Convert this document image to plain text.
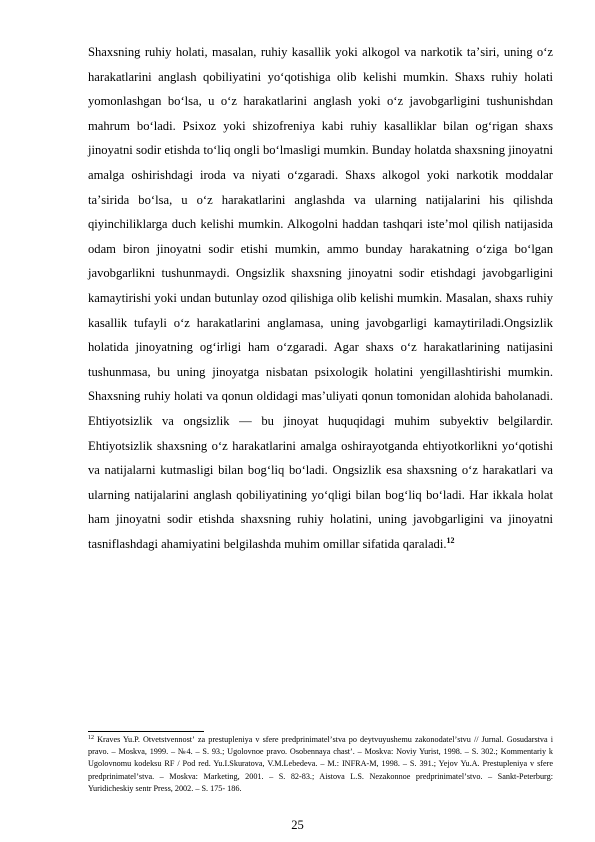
Shaxsning ruhiy holati, masalan, ruhiy kasallik yoki alkogol va narkotik taʼsiri, uning oʻz harakatlarini anglash qobiliyatini yoʻqotishiga olib kelishi mumkin. Shaxs ruhiy holati yomonlashgan boʻlsa, u oʻz harakatlarini anglash yoki oʻz javobgarligini tushunishdan mahrum boʻladi. Psixoz yoki shizofreniya kabi ruhiy kasalliklar bilan ogʻrigan shaxs jinoyatni sodir etishda toʻliq ongli boʻlmasligi mumkin. Bunday holatda shaxsning jinoyatni amalga oshirishdagi iroda va niyati oʻzgaradi. Shaxs alkogol yoki narkotik moddalar taʼsirida boʻlsa, u oʻz harakatlarini anglashda va ularning natijalarini his qilishda qiyinchiliklarga duch kelishi mumkin. Alkogolni haddan tashqari isteʼmol qilish natijasida odam biron jinoyatni sodir etishi mumkin, ammo bunday harakatning oʻziga boʻlgan javobgarlikni tushunmaydi. Ongsizlik shaxsning jinoyatni sodir etishdagi javobgarligini kamaytirishi yoki undan butunlay ozod qilishiga olib kelishi mumkin. Masalan, shaxs ruhiy kasallik tufayli oʻz harakatlarini anglamasa, uning javobgarligi kamaytiriladi.Ongsizlik holatida jinoyatning ogʻirligi ham oʻzgaradi. Agar shaxs oʻz harakatlarining natijasini tushunmasa, bu uning jinoyatga nisbatan psixologik holatini yengillashtirishi mumkin. Shaxsning ruhiy holati va qonun oldidagi masʼuliyati qonun tomonidan alohida baholanadi. Ehtiyotsizlik va ongsizlik — bu jinoyat huquqidagi muhim subyektiv belgilardir. Ehtiyotsizlik shaxsning oʻz harakatlarini amalga oshirayotganda ehtiyotkorlikni yoʻqotishi va natijalarni kutmasligi bilan bogʻliq boʻladi. Ongsizlik esa shaxsning oʻz harakatlari va ularning natijalarini anglash qobiliyatining yoʻqligi bilan bogʻliq boʻladi. Har ikkala holat ham jinoyatni sodir etishda shaxsning ruhiy holatini, uning javobgarligini va jinoyatni tasniflashdagi ahamiyatini belgilashda muhim omillar sifatida qaraladi.$^{12}$

$^{12}$ Kraves Yu.P. Otvetstvennostʼ za prestupleniya v sfere predprinimatelʼstva po deytvuyushemu zakonodatelʼstvu // Jurnal. Gosudarstva i pravo. – Moskva, 1999. – №4. – S. 93.; Ugolovnoe pravo. Osobennaya chastʼ. – Moskva: Noviy Yurist, 1998. – S. 302.; Kommentariy k Ugolovnomu kodeksu RF / Pod red. Yu.I.Skuratova, V.M.Lebedeva. – M.: INFRA-M, 1998. – S. 391.; Yejov Yu.A. Prestupleniya v sfere predprinimatelʼstva. – Moskva: Marketing, 2001. – S. 82-83.; Aistova L.S. Nezakonnoe predprinimatelʼstvo. – Sankt-Peterburg: Yuridicheskiy sentr Press, 2002. – S. 175- 186.

25
